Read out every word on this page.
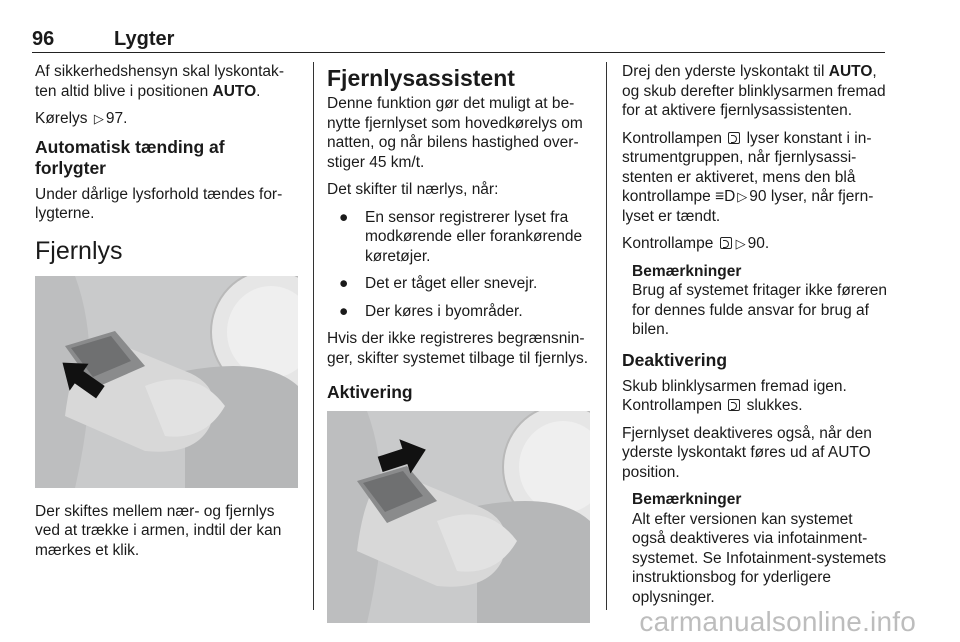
96	Lygter

Af sikkerhedshensyn skal lyskontakten altid blive i positionen AUTO.

Kørelys ▷ 97.

Automatisk tænding af forlygter

Under dårlige lysforhold tændes forlygterne.

Fjernlys

Der skiftes mellem nær- og fjernlys ved at trække i armen, indtil der kan mærkes et klik.

Fjernlysassistent

Denne funktion gør det muligt at benytte fjernlyset som hovedkørelys om natten, og når bilens hastighed overstiger 45 km/t.

Det skifter til nærlys, når:

● En sensor registrerer lyset fra modkørende eller forankørende køretøjer.
● Det er tåget eller snevejr.
● Der køres i byområder.

Hvis der ikke registreres begrænsninger, skifter systemet tilbage til fjernlys.

Aktivering

Drej den yderste lyskontakt til AUTO, og skub derefter blinklysarmen fremad for at aktivere fjernlysassistenten.

Kontrollampen  lyser konstant i instrumentgruppen, når fjernlysassistenten er aktiveret, mens den blå kontrollampe ≡D ▷ 90 lyser, når fjernlyset er tændt.

Kontrollampe ▷ 90.

Bemærkninger
Brug af systemet fritager ikke føreren for dennes fulde ansvar for brug af bilen.
Deaktivering

Skub blinklysarmen fremad igen. Kontrollampen  slukkes.

Fjernlyset deaktiveres også, når den yderste lyskontakt føres ud af AUTO position.

Bemærkninger
Alt efter versionen kan systemet også deaktiveres via infotainmentsystemet. Se Infotainment-systemets instruktionsbog for yderligere oplysninger.
carmanualsonline.info
